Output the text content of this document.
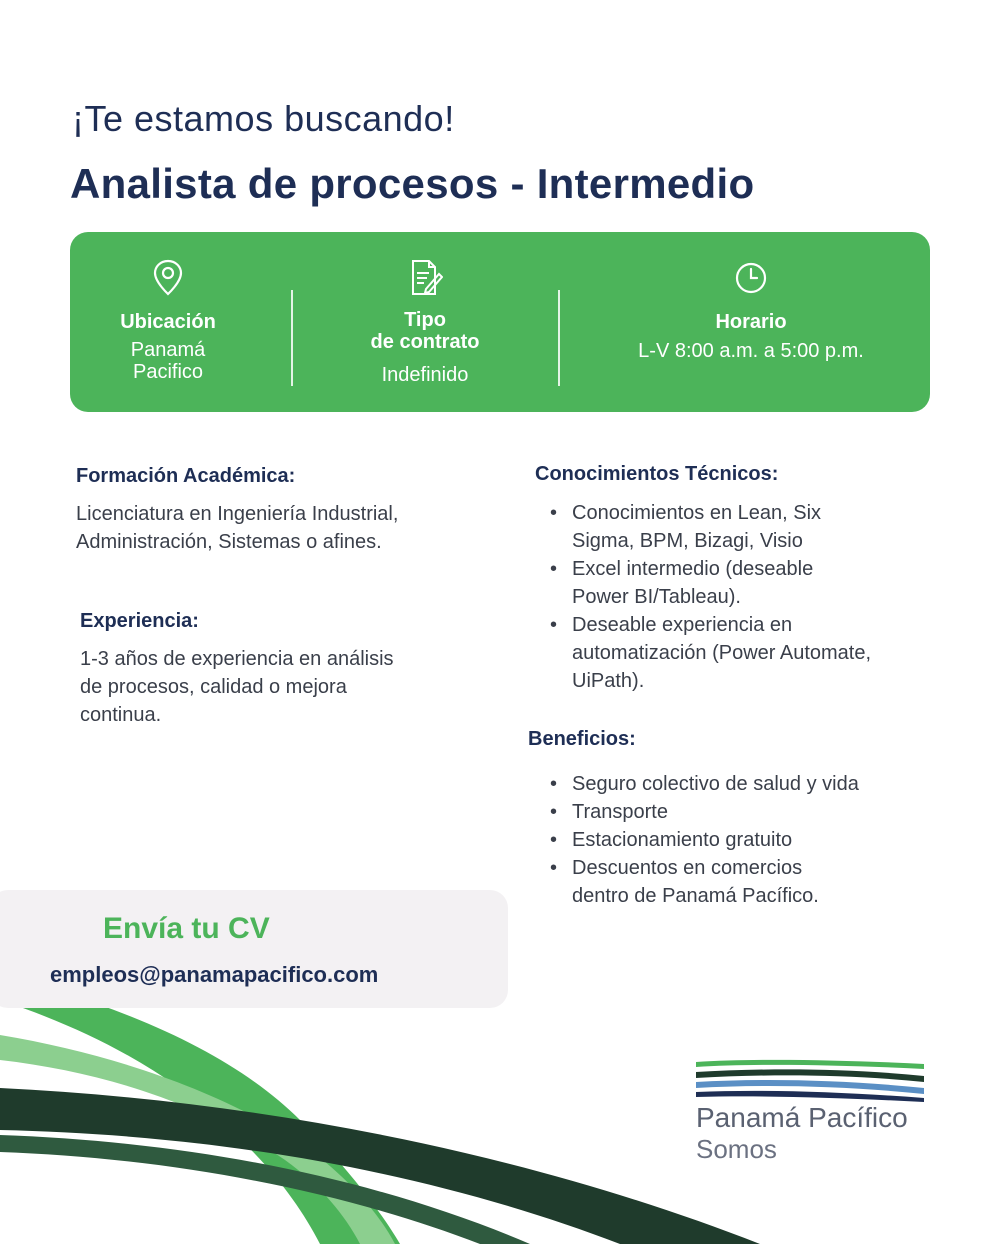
¡Te estamos buscando!
Analista de procesos - Intermedio
Ubicación
Panamá
Pacifico
Tipo
de contrato
Indefinido
Horario
L-V 8:00 a.m. a 5:00 p.m.
Formación Académica:
Licenciatura en Ingeniería Industrial,
Administración, Sistemas o afines.
Experiencia:
1-3 años de experiencia en análisis
de procesos, calidad o mejora
continua.
Conocimientos Técnicos:
• Conocimientos en Lean, Six
Sigma, BPM, Bizagi, Visio
• Excel intermedio (deseable
Power BI/Tableau).
• Deseable experiencia en
automatización (Power Automate,
UiPath).
Beneficios:
• Seguro colectivo de salud y vida
• Transporte
• Estacionamiento gratuito
• Descuentos en comercios
dentro de Panamá Pacífico.
Envía tu CV
empleos@panamapacifico.com
Panamá Pacífico
Somos
